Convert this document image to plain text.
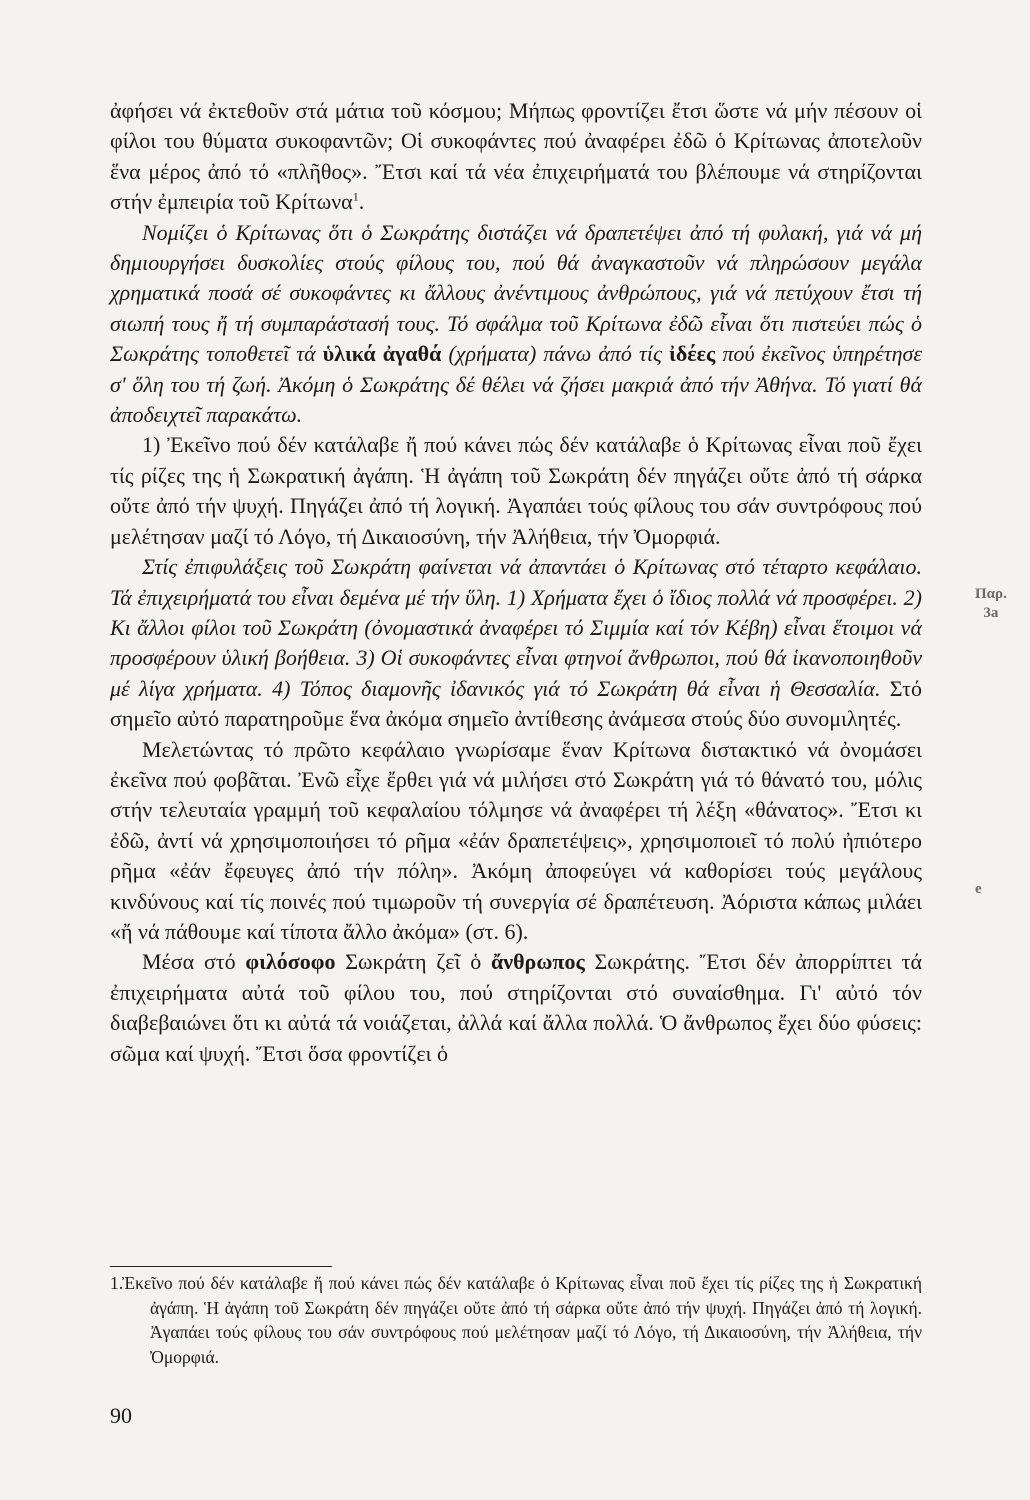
Παρ.
3a
e

ἀφήσει νά ἐκτεθοῦν στά μάτια τοῦ κόσμου; Μήπως φροντίζει ἔτσι ὥστε νά μήν πέσουν οἱ φίλοι του θύματα συκοφαντῶν; Οἱ συκοφάντες πού ἀναφέρει ἐδῶ ὁ Κρίτωνας ἀποτελοῦν ἕνα μέρος ἀπό τό «πλῆθος». Ἔτσι καί τά νέα ἐπιχειρήματά του βλέπουμε νά στηρίζονται στήν ἐμπειρία τοῦ Κρίτωνα$^1$.

Νομίζει ὁ Κρίτωνας ὅτι ὁ Σωκράτης διστάζει νά δραπετέψει ἀπό τή φυλακή, γιά νά μή δημιουργήσει δυσκολίες στούς φίλους του, πού θά ἀναγκαστοῦν νά πληρώσουν μεγάλα χρηματικά ποσά σέ συκοφάντες κι ἄλλους ἀνέντιμους ἀνθρώπους, γιά νά πετύχουν ἔτσι τή σιωπή τους ἤ τή συμπαράστασή τους. Τό σφάλμα τοῦ Κρίτωνα ἐδῶ εἶναι ὅτι πιστεύει πώς ὁ Σωκράτης τοποθετεῖ τά ὑλικά ἀγαθά (χρήματα) πάνω ἀπό τίς ἰδέες πού ἐκεῖνος ὑπηρέτησε σ' ὅλη του τή ζωή. Ἀκόμη ὁ Σωκράτης δέ θέλει νά ζήσει μακριά ἀπό τήν Ἀθήνα. Τό γιατί θά ἀποδειχτεῖ παρακάτω.

1) Ἐκεῖνο πού δέν κατάλαβε ἤ πού κάνει πώς δέν κατάλαβε ὁ Κρίτωνας εἶναι ποῦ ἔχει τίς ρίζες της ἡ Σωκρατική ἀγάπη. Ἡ ἀγάπη τοῦ Σωκράτη δέν πηγάζει οὔτε ἀπό τή σάρκα οὔτε ἀπό τήν ψυχή. Πηγάζει ἀπό τή λογική. Ἀγαπάει τούς φίλους του σάν συντρόφους πού μελέτησαν μαζί τό Λόγο, τή Δικαιοσύνη, τήν Ἀλήθεια, τήν Ὀμορφιά.

Στίς ἐπιφυλάξεις τοῦ Σωκράτη φαίνεται νά ἀπαντάει ὁ Κρίτωνας στό τέταρτο κεφάλαιο. Τά ἐπιχειρήματά του εἶναι δεμένα μέ τήν ὕλη. 1) Χρήματα ἔχει ὁ ἴδιος πολλά νά προσφέρει. 2) Κι ἄλλοι φίλοι τοῦ Σωκράτη (ὀνομαστικά ἀναφέρει τό Σιμμία καί τόν Κέβη) εἶναι ἕτοιμοι νά προσφέρουν ὑλική βοήθεια. 3) Οἱ συκοφάντες εἶναι φτηνοί ἄνθρωποι, πού θά ἱκανοποιηθοῦν μέ λίγα χρήματα. 4) Τόπος διαμονῆς ἰδανικός γιά τό Σωκράτη θά εἶναι ἡ Θεσσαλία. Στό σημεῖο αὐτό παρατηροῦμε ἕνα ἀκόμα σημεῖο ἀντίθεσης ἀνάμεσα στούς δύο συνομιλητές.

Μελετώντας τό πρῶτο κεφάλαιο γνωρίσαμε ἕναν Κρίτωνα διστακτικό νά ὀνομάσει ἐκεῖνα πού φοβᾶται. Ἐνῶ εἶχε ἔρθει γιά νά μιλήσει στό Σωκράτη γιά τό θάνατό του, μόλις στήν τελευταία γραμμή τοῦ κεφαλαίου τόλμησε νά ἀναφέρει τή λέξη «θάνατος». Ἔτσι κι ἐδῶ, ἀντί νά χρησιμοποιήσει τό ρῆμα «ἐάν δραπετέψεις», χρησιμοποιεῖ τό πολύ ἠπιότερο ρῆμα «ἐάν ἔφευγες ἀπό τήν πόλη». Ἀκόμη ἀποφεύγει νά καθορίσει τούς μεγάλους κινδύνους καί τίς ποινές πού τιμωροῦν τή συνεργία σέ δραπέτευση. Ἀόριστα κάπως μιλάει «ἤ νά πάθουμε καί τίποτα ἄλλο ἀκόμα» (στ. 6).

Μέσα στό φιλόσοφο Σωκράτη ζεῖ ὁ ἄνθρωπος Σωκράτης. Ἔτσι δέν ἀπορρίπτει τά ἐπιχειρήματα αὐτά τοῦ φίλου του, πού στηρίζονται στό συναίσθημα. Γι' αὐτό τόν διαβεβαιώνει ὅτι κι αὐτά τά νοιάζεται, ἀλλά καί ἄλλα πολλά. Ὁ ἄνθρωπος ἔχει δύο φύσεις: σῶμα καί ψυχή. Ἔτσι ὅσα φροντίζει ὁ

1.Ἐκεῖνο πού δέν κατάλαβε ἤ πού κάνει πώς δέν κατάλαβε ὁ Κρίτωνας εἶναι ποῦ ἔχει τίς ρίζες της ἡ Σωκρατική ἀγάπη. Ἡ ἀγάπη τοῦ Σωκράτη δέν πηγάζει οὔτε ἀπό τή σάρκα οὔτε ἀπό τήν ψυχή. Πηγάζει ἀπό τή λογική. Ἀγαπάει τούς φίλους του σάν συντρόφους πού μελέτησαν μαζί τό Λόγο, τή Δικαιοσύνη, τήν Ἀλήθεια, τήν Ὀμορφιά.
90
